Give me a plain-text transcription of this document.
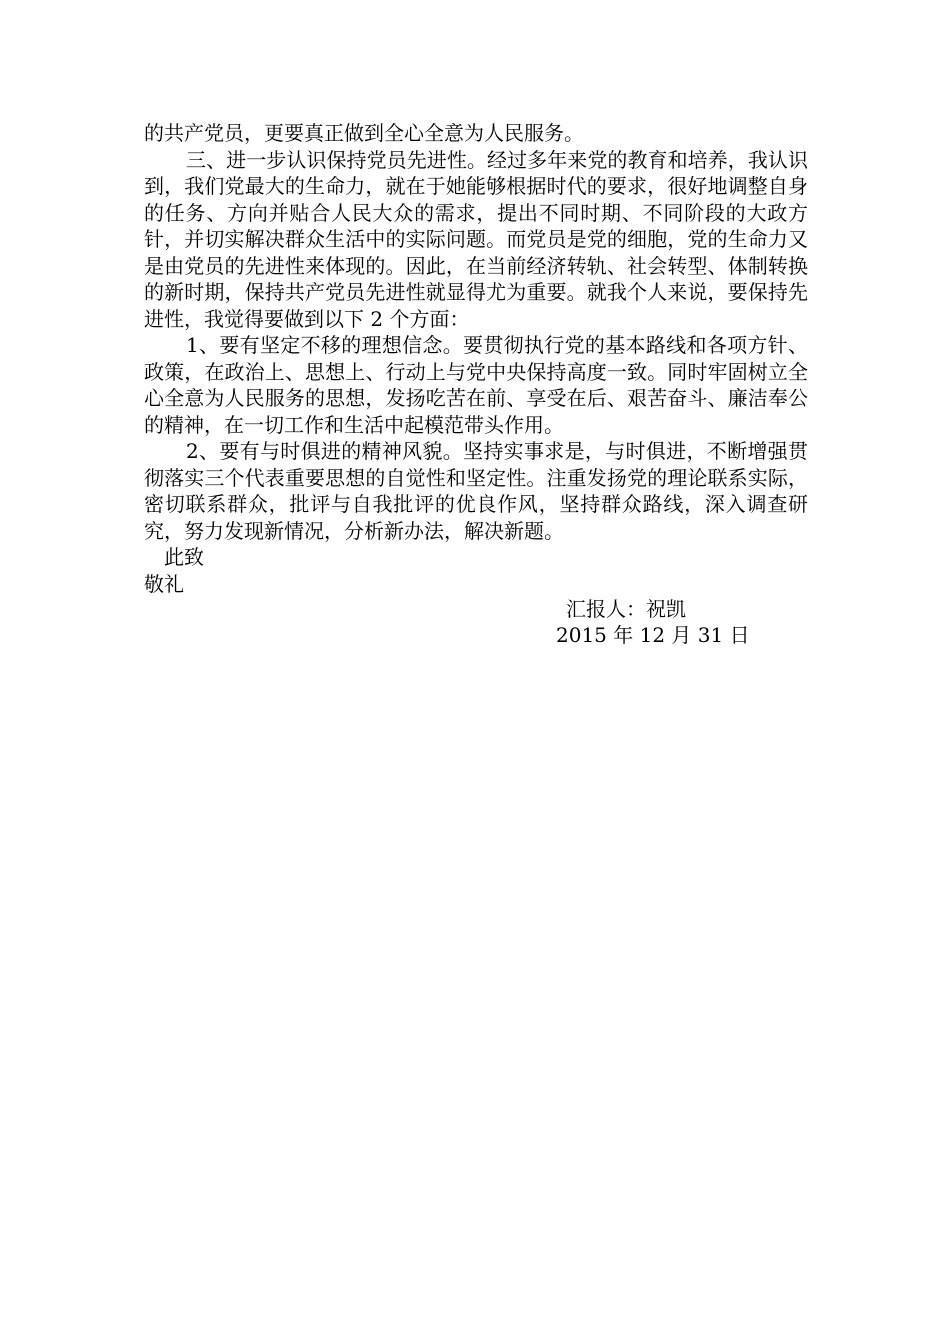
的共产党员，更要真正做到全心全意为人民服务。

三、进一步认识保持党员先进性。经过多年来党的教育和培养，我认识到，我们党最大的生命力，就在于她能够根据时代的要求，很好地调整自身的任务、方向并贴合人民大众的需求，提出不同时期、不同阶段的大政方针，并切实解决群众生活中的实际问题。而党员是党的细胞，党的生命力又是由党员的先进性来体现的。因此，在当前经济转轨、社会转型、体制转换的新时期，保持共产党员先进性就显得尤为重要。就我个人来说，要保持先进性，我觉得要做到以下 2 个方面：

1、要有坚定不移的理想信念。要贯彻执行党的基本路线和各项方针、政策，在政治上、思想上、行动上与党中央保持高度一致。同时牢固树立全心全意为人民服务的思想，发扬吃苦在前、享受在后、艰苦奋斗、廉洁奉公的精神，在一切工作和生活中起模范带头作用。

2、要有与时俱进的精神风貌。坚持实事求是，与时俱进，不断增强贯彻落实三个代表重要思想的自觉性和坚定性。注重发扬党的理论联系实际，密切联系群众，批评与自我批评的优良作风，坚持群众路线，深入调查研究，努力发现新情况，分析新办法，解决新题。

此致

敬礼

汇报人：祝凯
2015 年 12 月 31 日
